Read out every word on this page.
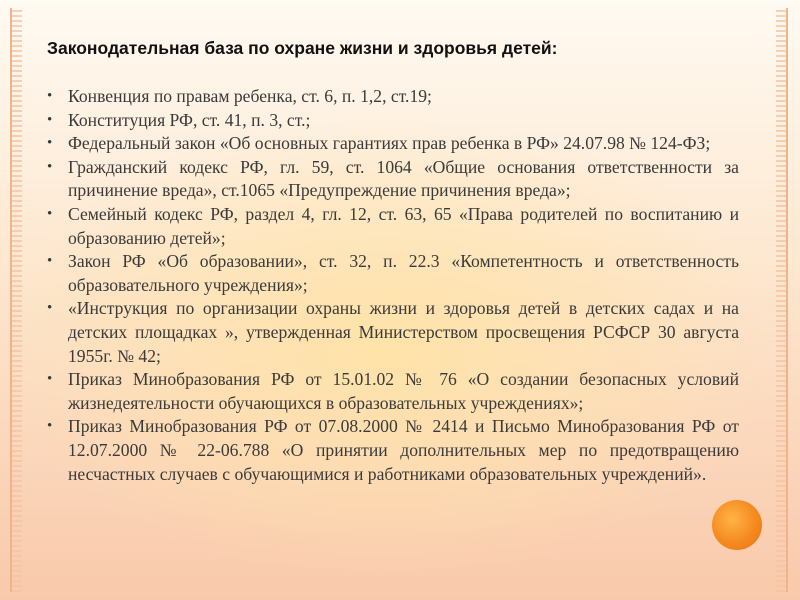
Законодательная база по охране жизни и здоровья детей:
• Конвенция по правам ребенка, ст. 6, п. 1,2, ст.19;
• Конституция РФ, ст. 41, п. 3, ст.;
• Федеральный закон «Об основных гарантиях прав ребенка в РФ» 24.07.98 № 124-ФЗ;
• Гражданский кодекс РФ, гл. 59, ст. 1064 «Общие основания ответственности за причинение вреда», ст.1065 «Предупреждение причинения вреда»;
• Семейный кодекс РФ, раздел 4, гл. 12, ст. 63, 65 «Права родителей по воспитанию и образованию детей»;
• Закон РФ «Об образовании», ст. 32, п. 22.3 «Компетентность и ответственность образовательного учреждения»;
• «Инструкция по организации охраны жизни и здоровья детей в детских садах и на детских площадках », утвержденная Министерством просвещения РСФСР 30 августа 1955г. № 42;
• Приказ Минобразования РФ от 15.01.02 № 76 «О создании безопасных условий жизнедеятельности обучающихся в образовательных учреждениях»;
• Приказ Минобразования РФ от 07.08.2000 № 2414 и Письмо Минобразования РФ от 12.07.2000 № 22-06.788 «О принятии дополнительных мер по предотвращению несчастных случаев с обучающимися и работниками образовательных учреждений».
